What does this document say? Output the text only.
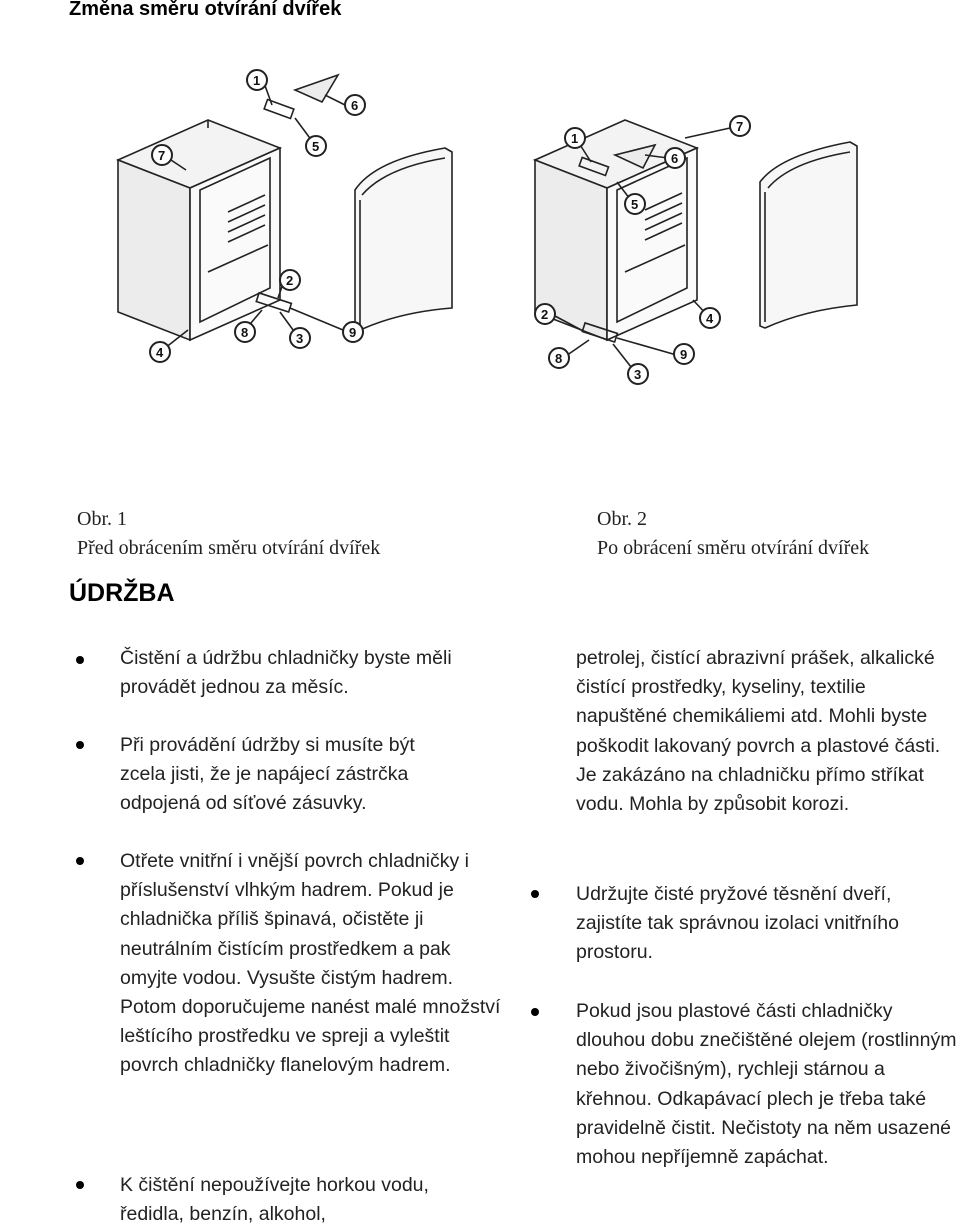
Změna směru otvírání dvířek
1
2
3
4
5
6
7
8	9
1
2
3
4
5
6
7
8	9
Obr. 1
Před obrácením směru otvírání dvířek
Obr. 2
Po obrácení směru otvírání dvířek
ÚDRŽBA

Čistění a údržbu chladničky byste měli provádět jednou za měsíc.

Při provádění údržby si musíte být zcela jisti, že je napájecí zástrčka odpojená od síťové zásuvky.

Otřete vnitřní i vnější povrch chladničky i příslušenství vlhkým hadrem. Pokud je chladnička příliš špinavá, očistěte ji neutrálním čistícím prostředkem a pak omyjte vodou. Vysušte čistým hadrem. Potom doporučujeme nanést malé množství leštícího prostředku ve spreji a vyleštit povrch chladničky flanelovým hadrem.

K čištění nepoužívejte horkou vodu, ředidla, benzín, alkohol,

petrolej, čistící abrazivní prášek, alkalické čistící prostředky, kyseliny, textilie napuštěné chemikáliemi atd. Mohli byste poškodit lakovaný povrch a plastové části. Je zakázáno na chladničku přímo stříkat vodu. Mohla by způsobit korozi.

Udržujte čisté pryžové těsnění dveří, zajistíte tak správnou izolaci vnitřního prostoru.

Pokud jsou plastové části chladničky dlouhou dobu znečištěné olejem (rostlinným nebo živočišným), rychleji stárnou a křehnou. Odkapávací plech je třeba také pravidelně čistit. Nečistoty na něm usazené mohou nepříjemně zapáchat.
